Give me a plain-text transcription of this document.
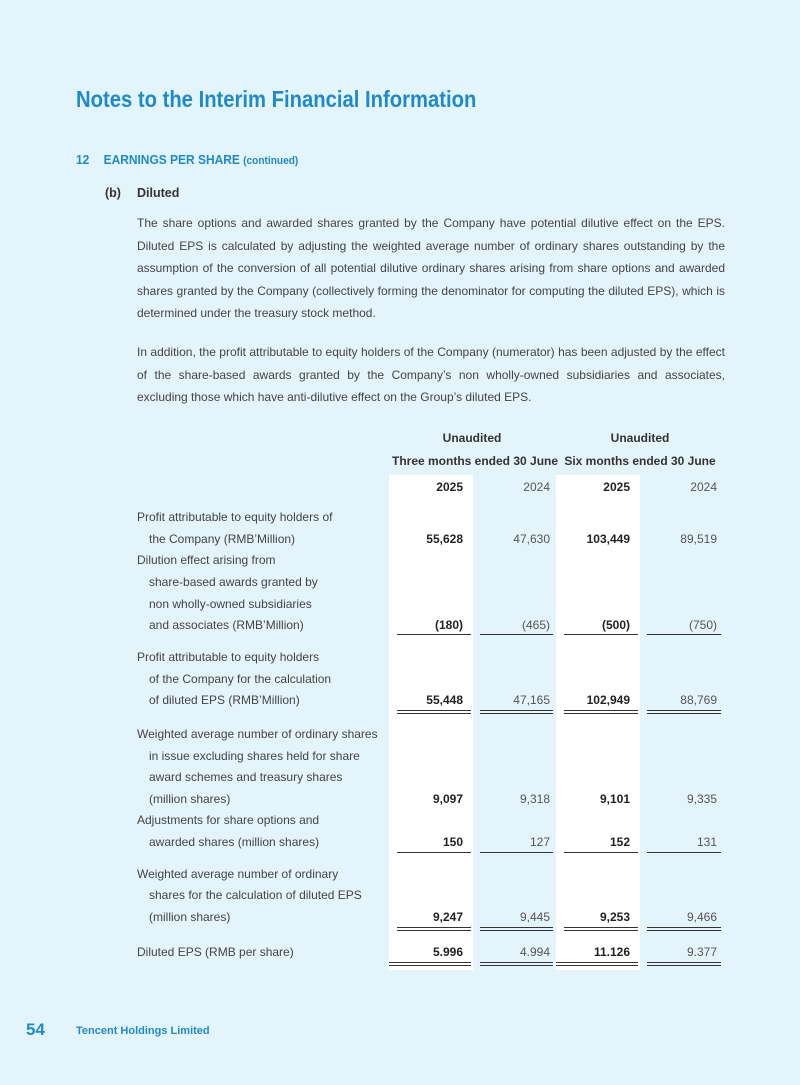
Notes to the Interim Financial Information
12 EARNINGS PER SHARE (continued)
(b) Diluted

The share options and awarded shares granted by the Company have potential dilutive effect on the EPS. Diluted EPS is calculated by adjusting the weighted average number of ordinary shares outstanding by the assumption of the conversion of all potential dilutive ordinary shares arising from share options and awarded shares granted by the Company (collectively forming the denominator for computing the diluted EPS), which is determined under the treasury stock method.

In addition, the profit attributable to equity holders of the Company (numerator) has been adjusted by the effect of the share-based awards granted by the Company’s non wholly-owned subsidiaries and associates, excluding those which have anti-dilutive effect on the Group’s diluted EPS.

Unaudited
Three months ended 30 June
Unaudited
Six months ended 30 June
2025	2024	2025	2024
Profit attributable to equity holders of
the Company (RMB’Million)	55,628	47,630	103,449	89,519
Dilution effect arising from
share-based awards granted by
non wholly-owned subsidiaries
and associates (RMB’Million)	(180)	(465)	(500)	(750)
Profit attributable to equity holders
of the Company for the calculation
of diluted EPS (RMB’Million)	55,448	47,165	102,949	88,769
Weighted average number of ordinary shares
in issue excluding shares held for share
award schemes and treasury shares
(million shares)	9,097	9,318	9,101	9,335
Adjustments for share options and
awarded shares (million shares)	150	127	152	131
Weighted average number of ordinary
shares for the calculation of diluted EPS
(million shares)	9,247	9,445	9,253	9,466
Diluted EPS (RMB per share)	5.996	4.994	11.126	9.377
54	Tencent Holdings Limited
